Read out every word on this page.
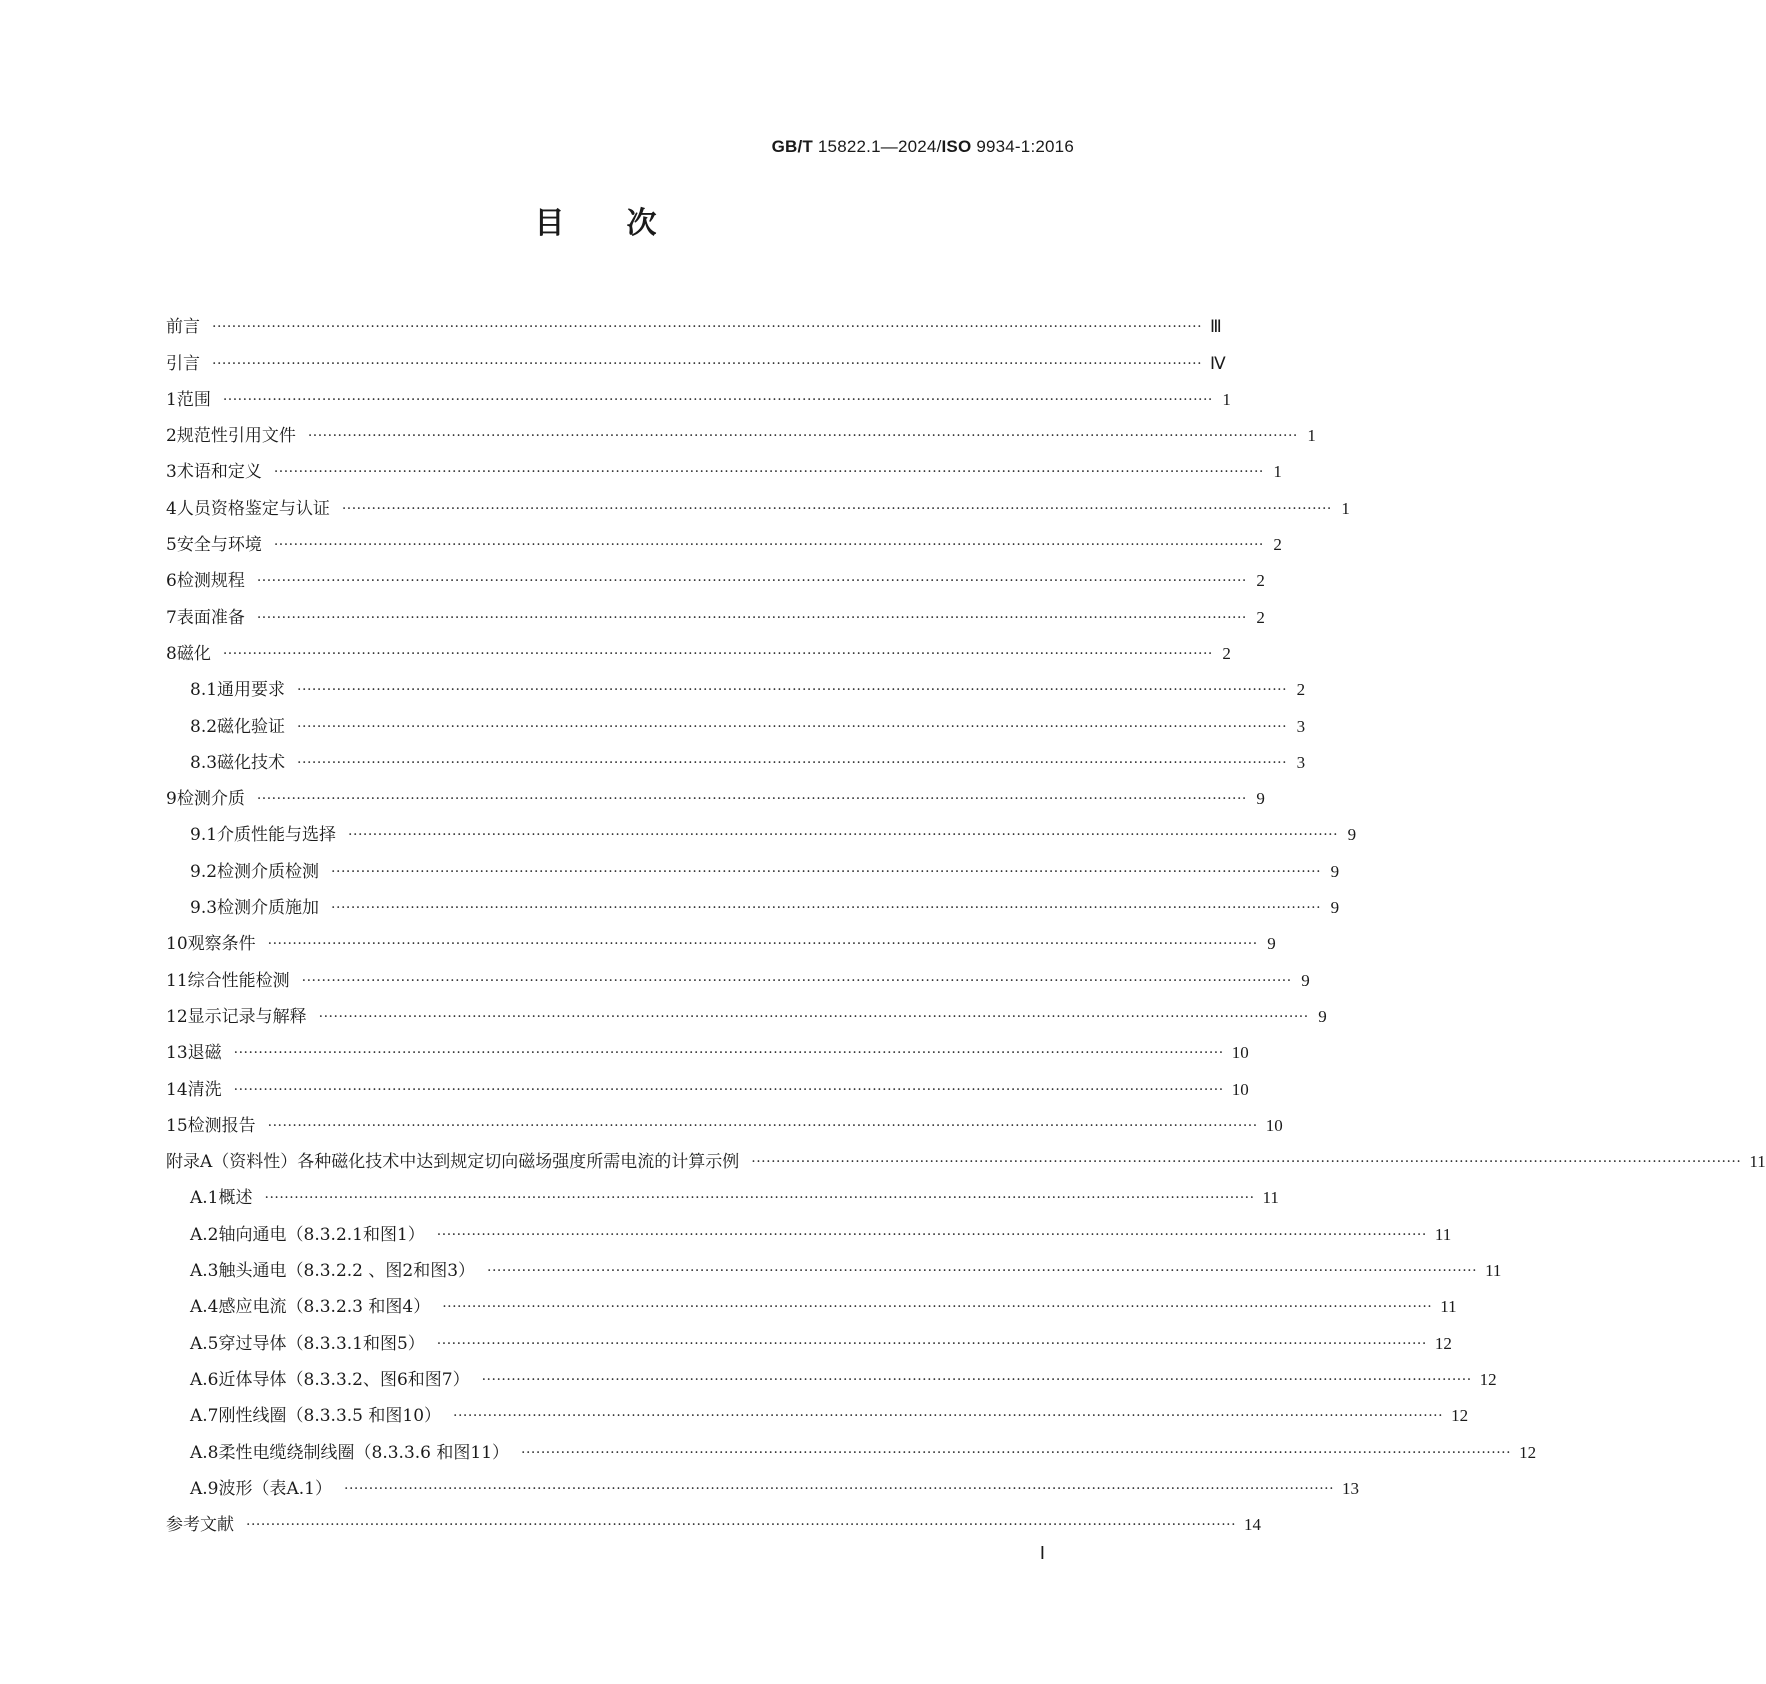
GB/T 15822.1—2024/ISO 9934-1:2016
目 次
前言 ········································································································································································································ Ⅲ
引言 ········································································································································································································ Ⅳ
1 范围 ········································································································································································································ 1
2 规范性引用文件 ········································································································································································································ 1
3 术语和定义 ········································································································································································································ 1
4 人员资格鉴定与认证 ········································································································································································································ 1
5 安全与环境 ········································································································································································································ 2
6 检测规程 ········································································································································································································ 2
7 表面准备 ········································································································································································································ 2
8 磁化 ········································································································································································································ 2
8.1 通用要求 ········································································································································································································ 2
8.2 磁化验证 ········································································································································································································ 3
8.3 磁化技术 ········································································································································································································ 3
9 检测介质 ········································································································································································································ 9
9.1 介质性能与选择 ········································································································································································································ 9
9.2 检测介质检测 ········································································································································································································ 9
9.3 检测介质施加 ········································································································································································································ 9
10 观察条件 ········································································································································································································ 9
11 综合性能检测 ········································································································································································································ 9
12 显示记录与解释 ········································································································································································································ 9
13 退磁 ········································································································································································································ 10
14 清洗 ········································································································································································································ 10
15 检测报告 ········································································································································································································ 10
附录A（资料性） 各种磁化技术中达到规定切向磁场强度所需电流的计算示例 ········································································································································································································ 11
A.1 概述 ········································································································································································································ 11
A.2 轴向通电（8.3.2.1和图1） ········································································································································································································ 11
A.3 触头通电（8.3.2.2 、图2和图3） ········································································································································································································ 11
A.4 感应电流（8.3.2.3 和图4） ········································································································································································································ 11
A.5 穿过导体（8.3.3.1和图5） ········································································································································································································ 12
A.6 近体导体（8.3.3.2、图6和图7） ········································································································································································································ 12
A.7 刚性线圈（8.3.3.5 和图10） ········································································································································································································ 12
A.8 柔性电缆绕制线圈（8.3.3.6 和图11） ········································································································································································································ 12
A.9 波形（表A.1） ········································································································································································································ 13
参考文献 ········································································································································································································ 14
Ⅰ
